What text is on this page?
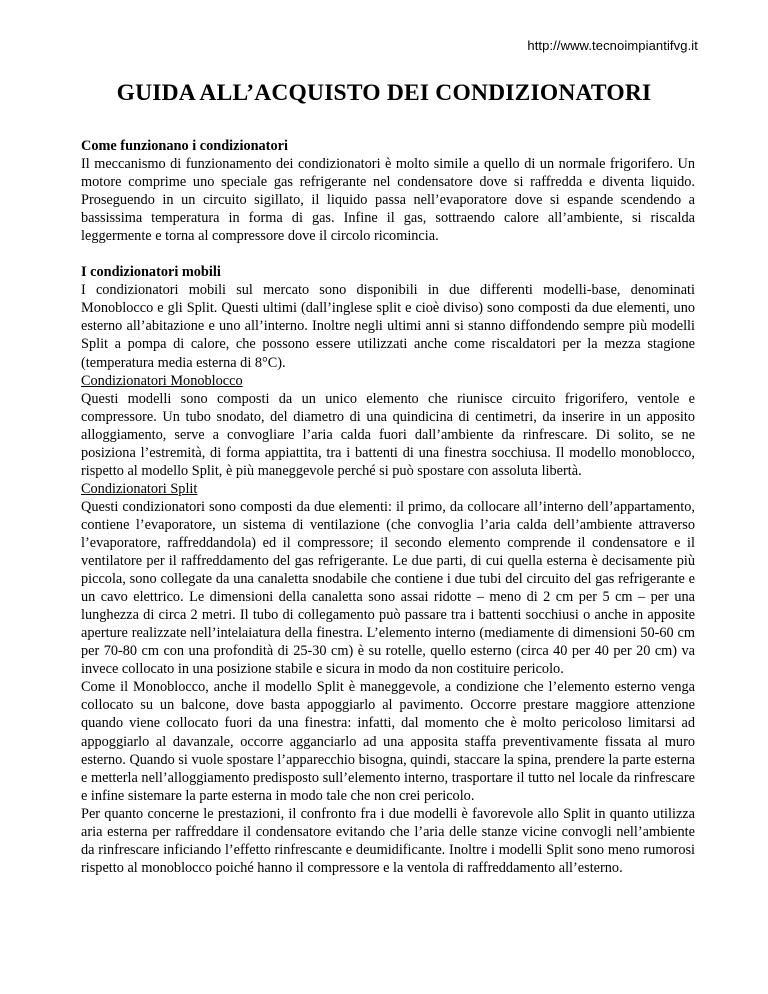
http://www.tecnoimpiantifvg.it
GUIDA ALL’ACQUISTO DEI CONDIZIONATORI
Come funzionano i condizionatori

Il meccanismo di funzionamento dei condizionatori è molto simile a quello di un normale frigorifero. Un motore comprime uno speciale gas refrigerante nel condensatore dove si raffredda e diventa liquido. Proseguendo in un circuito sigillato, il liquido passa nell’evaporatore dove si espande scendendo a bassissima temperatura in forma di gas. Infine il gas, sottraendo calore all’ambiente, si riscalda leggermente e torna al compressore dove il circolo ricomincia.

I condizionatori mobili

I condizionatori mobili sul mercato sono disponibili in due differenti modelli-base, denominati Monoblocco e gli Split. Questi ultimi (dall’inglese split e cioè diviso) sono composti da due elementi, uno esterno all’abitazione e uno all’interno. Inoltre negli ultimi anni si stanno diffondendo sempre più modelli Split a pompa di calore, che possono essere utilizzati anche come riscaldatori per la mezza stagione (temperatura media esterna di 8°C).

Condizionatori Monoblocco

Questi modelli sono composti da un unico elemento che riunisce circuito frigorifero, ventole e compressore. Un tubo snodato, del diametro di una quindicina di centimetri, da inserire in un apposito alloggiamento, serve a convogliare l’aria calda fuori dall’ambiente da rinfrescare. Di solito, se ne posiziona l’estremità, di forma appiattita, tra i battenti di una finestra socchiusa. Il modello monoblocco, rispetto al modello Split, è più maneggevole perché si può spostare con assoluta libertà.

Condizionatori Split

Questi condizionatori sono composti da due elementi: il primo, da collocare all’interno dell’appartamento, contiene l’evaporatore, un sistema di ventilazione (che convoglia l’aria calda dell’ambiente attraverso l’evaporatore, raffreddandola) ed il compressore; il secondo elemento comprende il condensatore e il ventilatore per il raffreddamento del gas refrigerante. Le due parti, di cui quella esterna è decisamente più piccola, sono collegate da una canaletta snodabile che contiene i due tubi del circuito del gas refrigerante e un cavo elettrico. Le dimensioni della canaletta sono assai ridotte – meno di 2 cm per 5 cm – per una lunghezza di circa 2 metri. Il tubo di collegamento può passare tra i battenti socchiusi o anche in apposite aperture realizzate nell’intelaiatura della finestra. L’elemento interno (mediamente di dimensioni 50-60 cm per 70-80 cm con una profondità di 25-30 cm) è su rotelle, quello esterno (circa 40 per 40 per 20 cm) va invece collocato in una posizione stabile e sicura in modo da non costituire pericolo.

Come il Monoblocco, anche il modello Split è maneggevole, a condizione che l’elemento esterno venga collocato su un balcone, dove basta appoggiarlo al pavimento. Occorre prestare maggiore attenzione quando viene collocato fuori da una finestra: infatti, dal momento che è molto pericoloso limitarsi ad appoggiarlo al davanzale, occorre agganciarlo ad una apposita staffa preventivamente fissata al muro esterno. Quando si vuole spostare l’apparecchio bisogna, quindi, staccare la spina, prendere la parte esterna e metterla nell’alloggiamento predisposto sull’elemento interno, trasportare il tutto nel locale da rinfrescare e infine sistemare la parte esterna in modo tale che non crei pericolo.

Per quanto concerne le prestazioni, il confronto fra i due modelli è favorevole allo Split in quanto utilizza aria esterna per raffreddare il condensatore evitando che l’aria delle stanze vicine convogli nell’ambiente da rinfrescare inficiando l’effetto rinfrescante e deumidificante. Inoltre i modelli Split sono meno rumorosi rispetto al monoblocco poiché hanno il compressore e la ventola di raffreddamento all’esterno.
